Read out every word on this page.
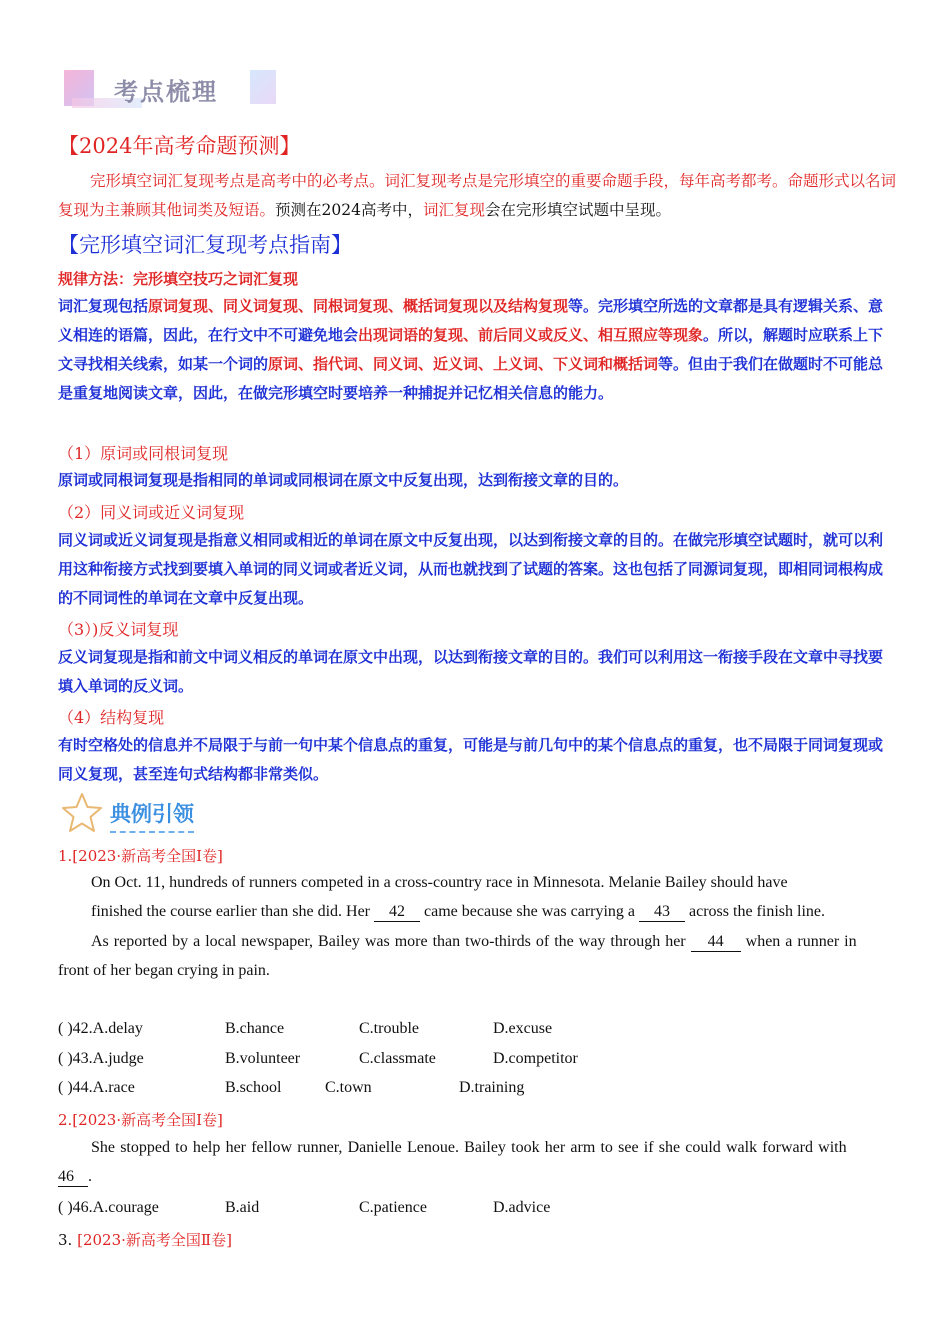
考点梳理
【2024年高考命题预测】
完形填空词汇复现考点是高考中的必考点。词汇复现考点是完形填空的重要命题手段，每年高考都考。命题形式以名词复现为主兼顾其他词类及短语。预测在2024高考中，词汇复现会在完形填空试题中呈现。
【完形填空词汇复现考点指南】
规律方法：完形填空技巧之词汇复现
词汇复现包括原词复现、同义词复现、同根词复现、概括词复现以及结构复现等。完形填空所选的文章都是具有逻辑关系、意义相连的语篇，因此，在行文中不可避免地会出现词语的复现、前后同义或反义、相互照应等现象。所以，解题时应联系上下文寻找相关线索，如某一个词的原词、指代词、同义词、近义词、上义词、下义词和概括词等。但由于我们在做题时不可能总是重复地阅读文章，因此，在做完形填空时要培养一种捕捉并记忆相关信息的能力。
（1）原词或同根词复现
原词或同根词复现是指相同的单词或同根词在原文中反复出现，达到衔接文章的目的。
（2）同义词或近义词复现
同义词或近义词复现是指意义相同或相近的单词在原文中反复出现，以达到衔接文章的目的。在做完形填空试题时，就可以利用这种衔接方式找到要填入单词的同义词或者近义词，从而也就找到了试题的答案。这也包括了同源词复现，即相同词根构成的不同词性的单词在文章中反复出现。
（3）)反义词复现
反义词复现是指和前文中词义相反的单词在原文中出现，以达到衔接文章的目的。我们可以利用这一衔接手段在文章中寻找要填入单词的反义词。
（4）结构复现
有时空格处的信息并不局限于与前一句中某个信息点的重复，可能是与前几句中的某个信息点的重复，也不局限于同词复现或同义复现，甚至连句式结构都非常类似。
典例引领
1.[2023·新高考全国Ⅰ卷]
On Oct. 11, hundreds of runners competed in a cross-country race in Minnesota. Melanie Bailey should have
finished the course earlier than she did. Her 42 came because she was carrying a 43 across the finish line.
As reported by a local newspaper, Bailey was more than two-thirds of the way through her 44 when a runner in
front of her began crying in pain.
( )42.A.delay	B.chance	C.trouble	D.excuse
( )43.A.judge	B.volunteer	C.classmate	D.competitor
( )44.A.race	B.school	C.town	D.training
2.[2023·新高考全国Ⅰ卷]
She stopped to help her fellow runner, Danielle Lenoue. Bailey took her arm to see if she could walk forward with
46 .
( )46.A.courage	B.aid	C.patience	D.advice
3. [2023·新高考全国Ⅱ卷]
